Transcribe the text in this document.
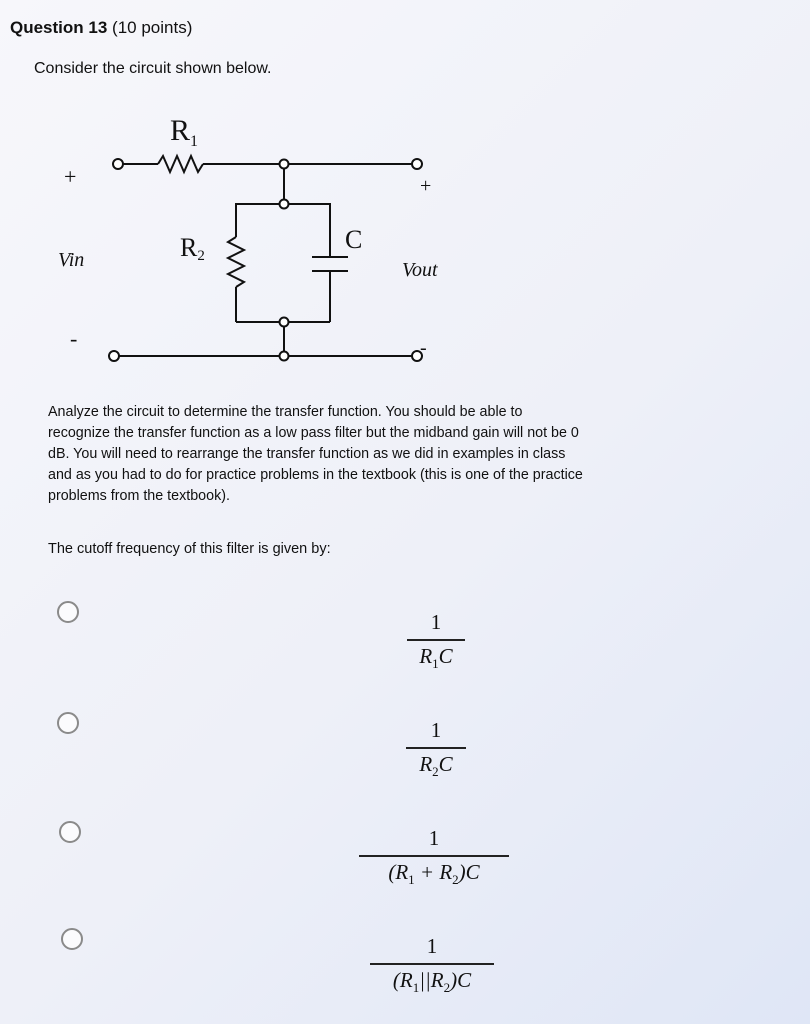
Question 13 (10 points)
Consider the circuit shown below.
+
-
+
-
$R_1$
R2
C
Vin	Vout
Analyze the circuit to determine the transfer function. You should be able to
recognize the transfer function as a low pass filter but the midband gain will not be 0
dB. You will need to rearrange the transfer function as we did in examples in class
and as you had to do for practice problems in the textbook (this is one of the practice
problems from the textbook).
The cutoff frequency of this filter is given by:
1
$R_1C$
1
$R_2C$
1
$(R_1 + R_2)C$
1
$(R_1||R_2)C$
